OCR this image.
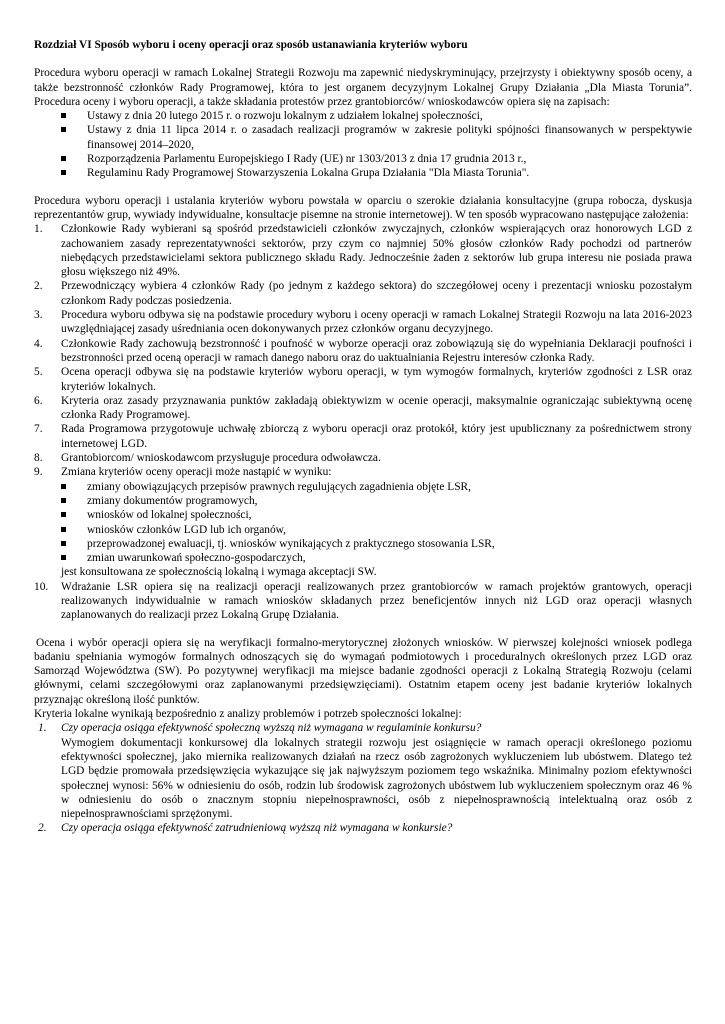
Rozdział VI Sposób wyboru i oceny operacji oraz sposób ustanawiania kryteriów wyboru

Procedura wyboru operacji w ramach Lokalnej Strategii Rozwoju ma zapewnić niedyskryminujący, przejrzysty i obiektywny sposób oceny, a także bezstronność członków Rady Programowej, która to jest organem decyzyjnym Lokalnej Grupy Działania „Dla Miasta Torunia”. Procedura oceny i wyboru operacji, a także składania protestów przez grantobiorców/ wnioskodawców opiera się na zapisach:

Ustawy z dnia 20 lutego 2015 r. o rozwoju lokalnym z udziałem lokalnej społeczności,
Ustawy z dnia 11 lipca 2014 r. o zasadach realizacji programów w zakresie polityki spójności finansowanych w perspektywie finansowej 2014–2020,
Rozporządzenia Parlamentu Europejskiego I Rady (UE) nr 1303/2013 z dnia 17 grudnia 2013 r.,
Regulaminu Rady Programowej Stowarzyszenia Lokalna Grupa Działania "Dla Miasta Torunia".

Procedura wyboru operacji i ustalania kryteriów wyboru powstała w oparciu o szerokie działania konsultacyjne (grupa robocza, dyskusja reprezentantów grup, wywiady indywidualne, konsultacje pisemne na stronie internetowej). W ten sposób wypracowano następujące założenia:

1.	Członkowie Rady wybierani są spośród przedstawicieli członków zwyczajnych, członków wspierających oraz honorowych LGD z zachowaniem zasady reprezentatywności sektorów, przy czym co najmniej 50% głosów członków Rady pochodzi od partnerów niebędących przedstawicielami sektora publicznego składu Rady. Jednocześnie żaden z sektorów lub grupa interesu nie posiada prawa głosu większego niż 49%.
2.	Przewodniczący wybiera 4 członków Rady (po jednym z każdego sektora) do szczegółowej oceny i prezentacji wniosku pozostałym członkom Rady podczas posiedzenia.
3.	Procedura wyboru odbywa się na podstawie procedury wyboru i oceny operacji w ramach Lokalnej Strategii Rozwoju na lata 2016-2023 uwzględniającej zasady uśredniania ocen dokonywanych przez członków organu decyzyjnego.
4.	Członkowie Rady zachowują bezstronność i poufność w wyborze operacji oraz zobowiązują się do wypełniania Deklaracji poufności i bezstronności przed oceną operacji w ramach danego naboru oraz do uaktualniania Rejestru interesów członka Rady.
5.	Ocena operacji odbywa się na podstawie kryteriów wyboru operacji, w tym wymogów formalnych, kryteriów zgodności z LSR oraz kryteriów lokalnych.
6.	Kryteria oraz zasady przyznawania punktów zakładają obiektywizm w ocenie operacji, maksymalnie ograniczając subiektywną ocenę członka Rady Programowej.
7.	Rada Programowa przygotowuje uchwałę zbiorczą z wyboru operacji oraz protokół, który jest upublicznany za pośrednictwem strony internetowej LGD.
8.	Grantobiorcom/ wnioskodawcom przysługuje procedura odwoławcza.
9.	Zmiana kryteriów oceny operacji może nastąpić w wyniku:
zmiany obowiązujących przepisów prawnych regulujących zagadnienia objęte LSR,
zmiany dokumentów programowych,
wniosków od lokalnej społeczności,
wniosków członków LGD lub ich organów,
przeprowadzonej ewaluacji, tj. wniosków wynikających z praktycznego stosowania LSR,
zmian uwarunkowań społeczno-gospodarczych,
jest konsultowana ze społecznością lokalną i wymaga akceptacji SW.
10.	Wdrażanie LSR opiera się na realizacji operacji realizowanych przez grantobiorców w ramach projektów grantowych, operacji realizowanych indywidualnie w ramach wniosków składanych przez beneficjentów innych niż LGD oraz operacji własnych zaplanowanych do realizacji przez Lokalną Grupę Działania.

Ocena i wybór operacji opiera się na weryfikacji formalno-merytorycznej złożonych wniosków. W pierwszej kolejności wniosek podlega badaniu spełniania wymogów formalnych odnoszących się do wymagań podmiotowych i proceduralnych określonych przez LGD oraz Samorząd Województwa (SW). Po pozytywnej weryfikacji ma miejsce badanie zgodności operacji z Lokalną Strategią Rozwoju (celami głównymi, celami szczegółowymi oraz zaplanowanymi przedsięwzięciami). Ostatnim etapem oceny jest badanie kryteriów lokalnych przyznając określoną ilość punktów.

Kryteria lokalne wynikają bezpośrednio z analizy problemów i potrzeb społeczności lokalnej:

1.	Czy operacja osiąga efektywność społeczną wyższą niż wymagana w regulaminie konkursu?
Wymogiem dokumentacji konkursowej dla lokalnych strategii rozwoju jest osiągnięcie w ramach operacji określonego poziomu efektywności społecznej, jako miernika realizowanych działań na rzecz osób zagrożonych wykluczeniem lub ubóstwem. Dlatego też LGD będzie promowała przedsięwzięcia wykazujące się jak najwyższym poziomem tego wskaźnika. Minimalny poziom efektywności społecznej wynosi: 56% w odniesieniu do osób, rodzin lub środowisk zagrożonych ubóstwem lub wykluczeniem społecznym oraz 46 % w odniesieniu do osób o znacznym stopniu niepełnosprawności, osób z niepełnosprawnością intelektualną oraz osób z niepełnosprawnościami sprzężonymi.
2.	Czy operacja osiąga efektywność zatrudnieniową wyższą niż wymagana w konkursie?
